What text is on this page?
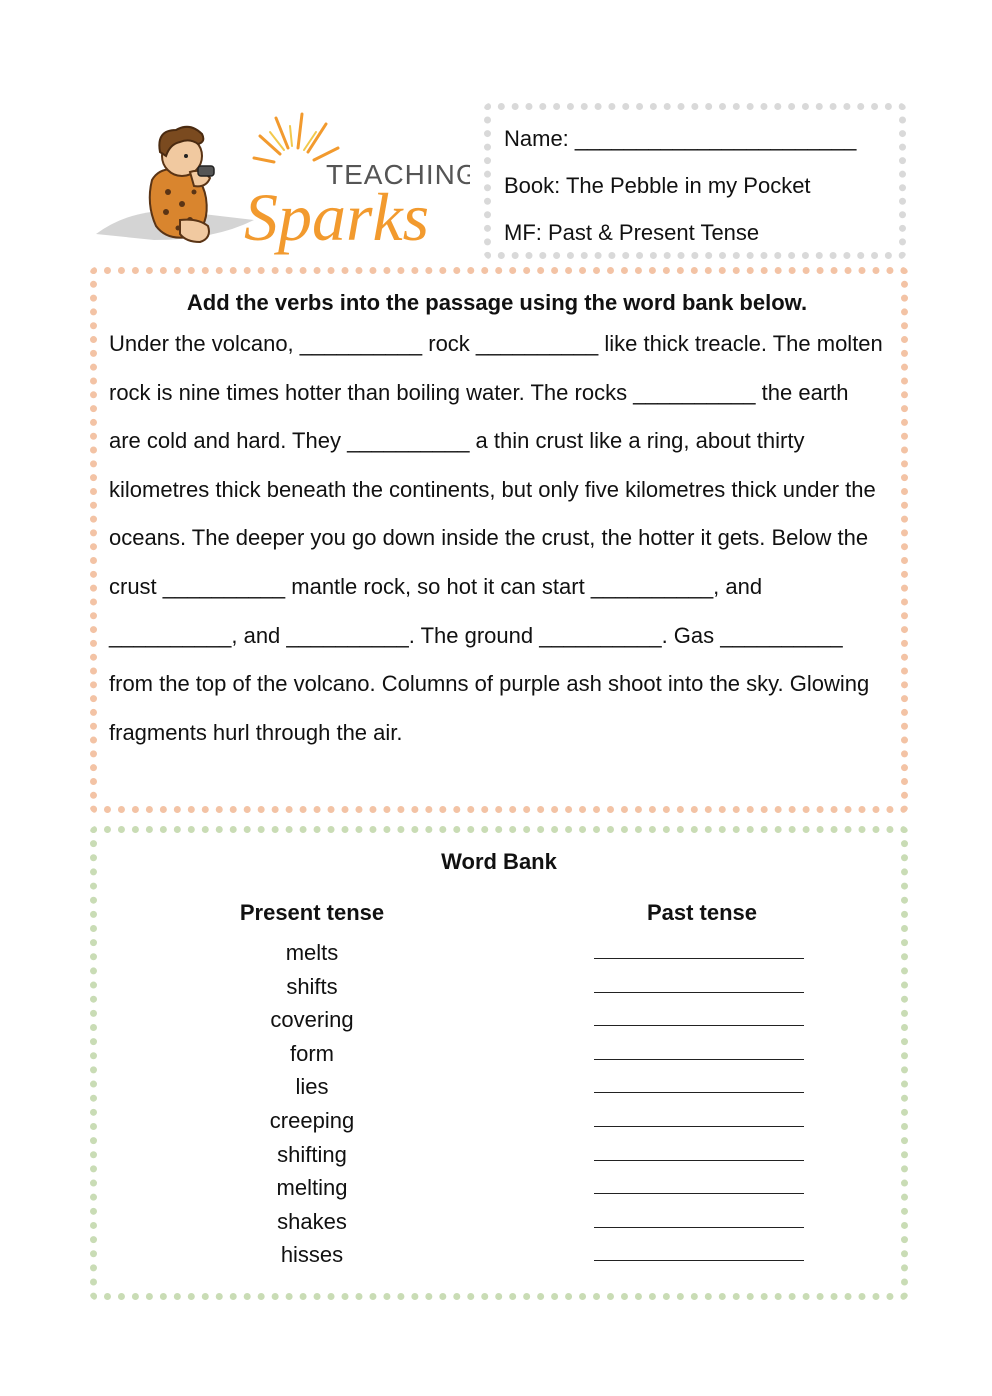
TEACHING
Sparks
Name: _______________________
Book: The Pebble in my Pocket
MF: Past & Present Tense
Add the verbs into the passage using the word bank below.

Under the volcano, __________ rock __________ like thick treacle. The molten rock is nine times hotter than boiling water. The rocks __________ the earth are cold and hard. They __________ a thin crust like a ring, about thirty kilometres thick beneath the continents, but only five kilometres thick under the oceans. The deeper you go down inside the crust, the hotter it gets. Below the crust __________ mantle rock, so hot it can start __________, and __________, and __________. The ground __________. Gas __________ from the top of the volcano. Columns of purple ash shoot into the sky. Glowing fragments hurl through the air.

Word Bank
Present tense	Past tense
melts
shifts
covering
form
lies
creeping
shifting
melting
shakes
hisses
